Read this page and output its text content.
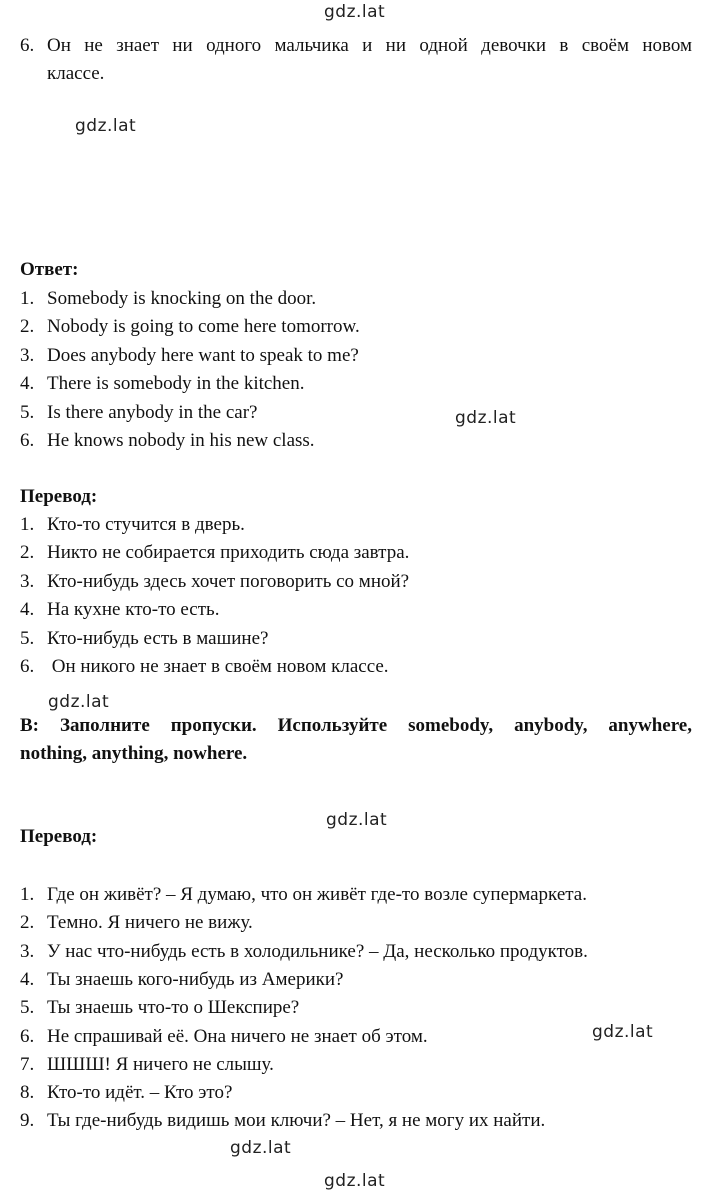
gdz.lat
gdz.lat
gdz.lat
gdz.lat
gdz.lat
gdz.lat
gdz.lat
gdz.lat
6. Он не знает ни одного мальчика и ни одной девочки в своём новом
классе.
Ответ:
1. Somebody is knocking on the door.
2. Nobody is going to come here tomorrow.
3. Does anybody here want to speak to me?
4. There is somebody in the kitchen.
5. Is there anybody in the car?
6. He knows nobody in his new class.
Перевод:
1. Кто-то стучится в дверь.
2. Никто не собирается приходить сюда завтра.
3. Кто-нибудь здесь хочет поговорить со мной?
4. На кухне кто-то есть.
5. Кто-нибудь есть в машине?
6. Он никого не знает в своём новом классе.
B: Заполните пропуски. Используйте somebody, anybody, anywhere,
nothing, anything, nowhere.
Перевод:
1. Где он живёт? – Я думаю, что он живёт где-то возле супермаркета.
2. Темно. Я ничего не вижу.
3. У нас что-нибудь есть в холодильнике? – Да, несколько продуктов.
4. Ты знаешь кого-нибудь из Америки?
5. Ты знаешь что-то о Шекспире?
6. Не спрашивай её. Она ничего не знает об этом.
7. ШШШ! Я ничего не слышу.
8. Кто-то идёт. – Кто это?
9. Ты где-нибудь видишь мои ключи? – Нет, я не могу их найти.
